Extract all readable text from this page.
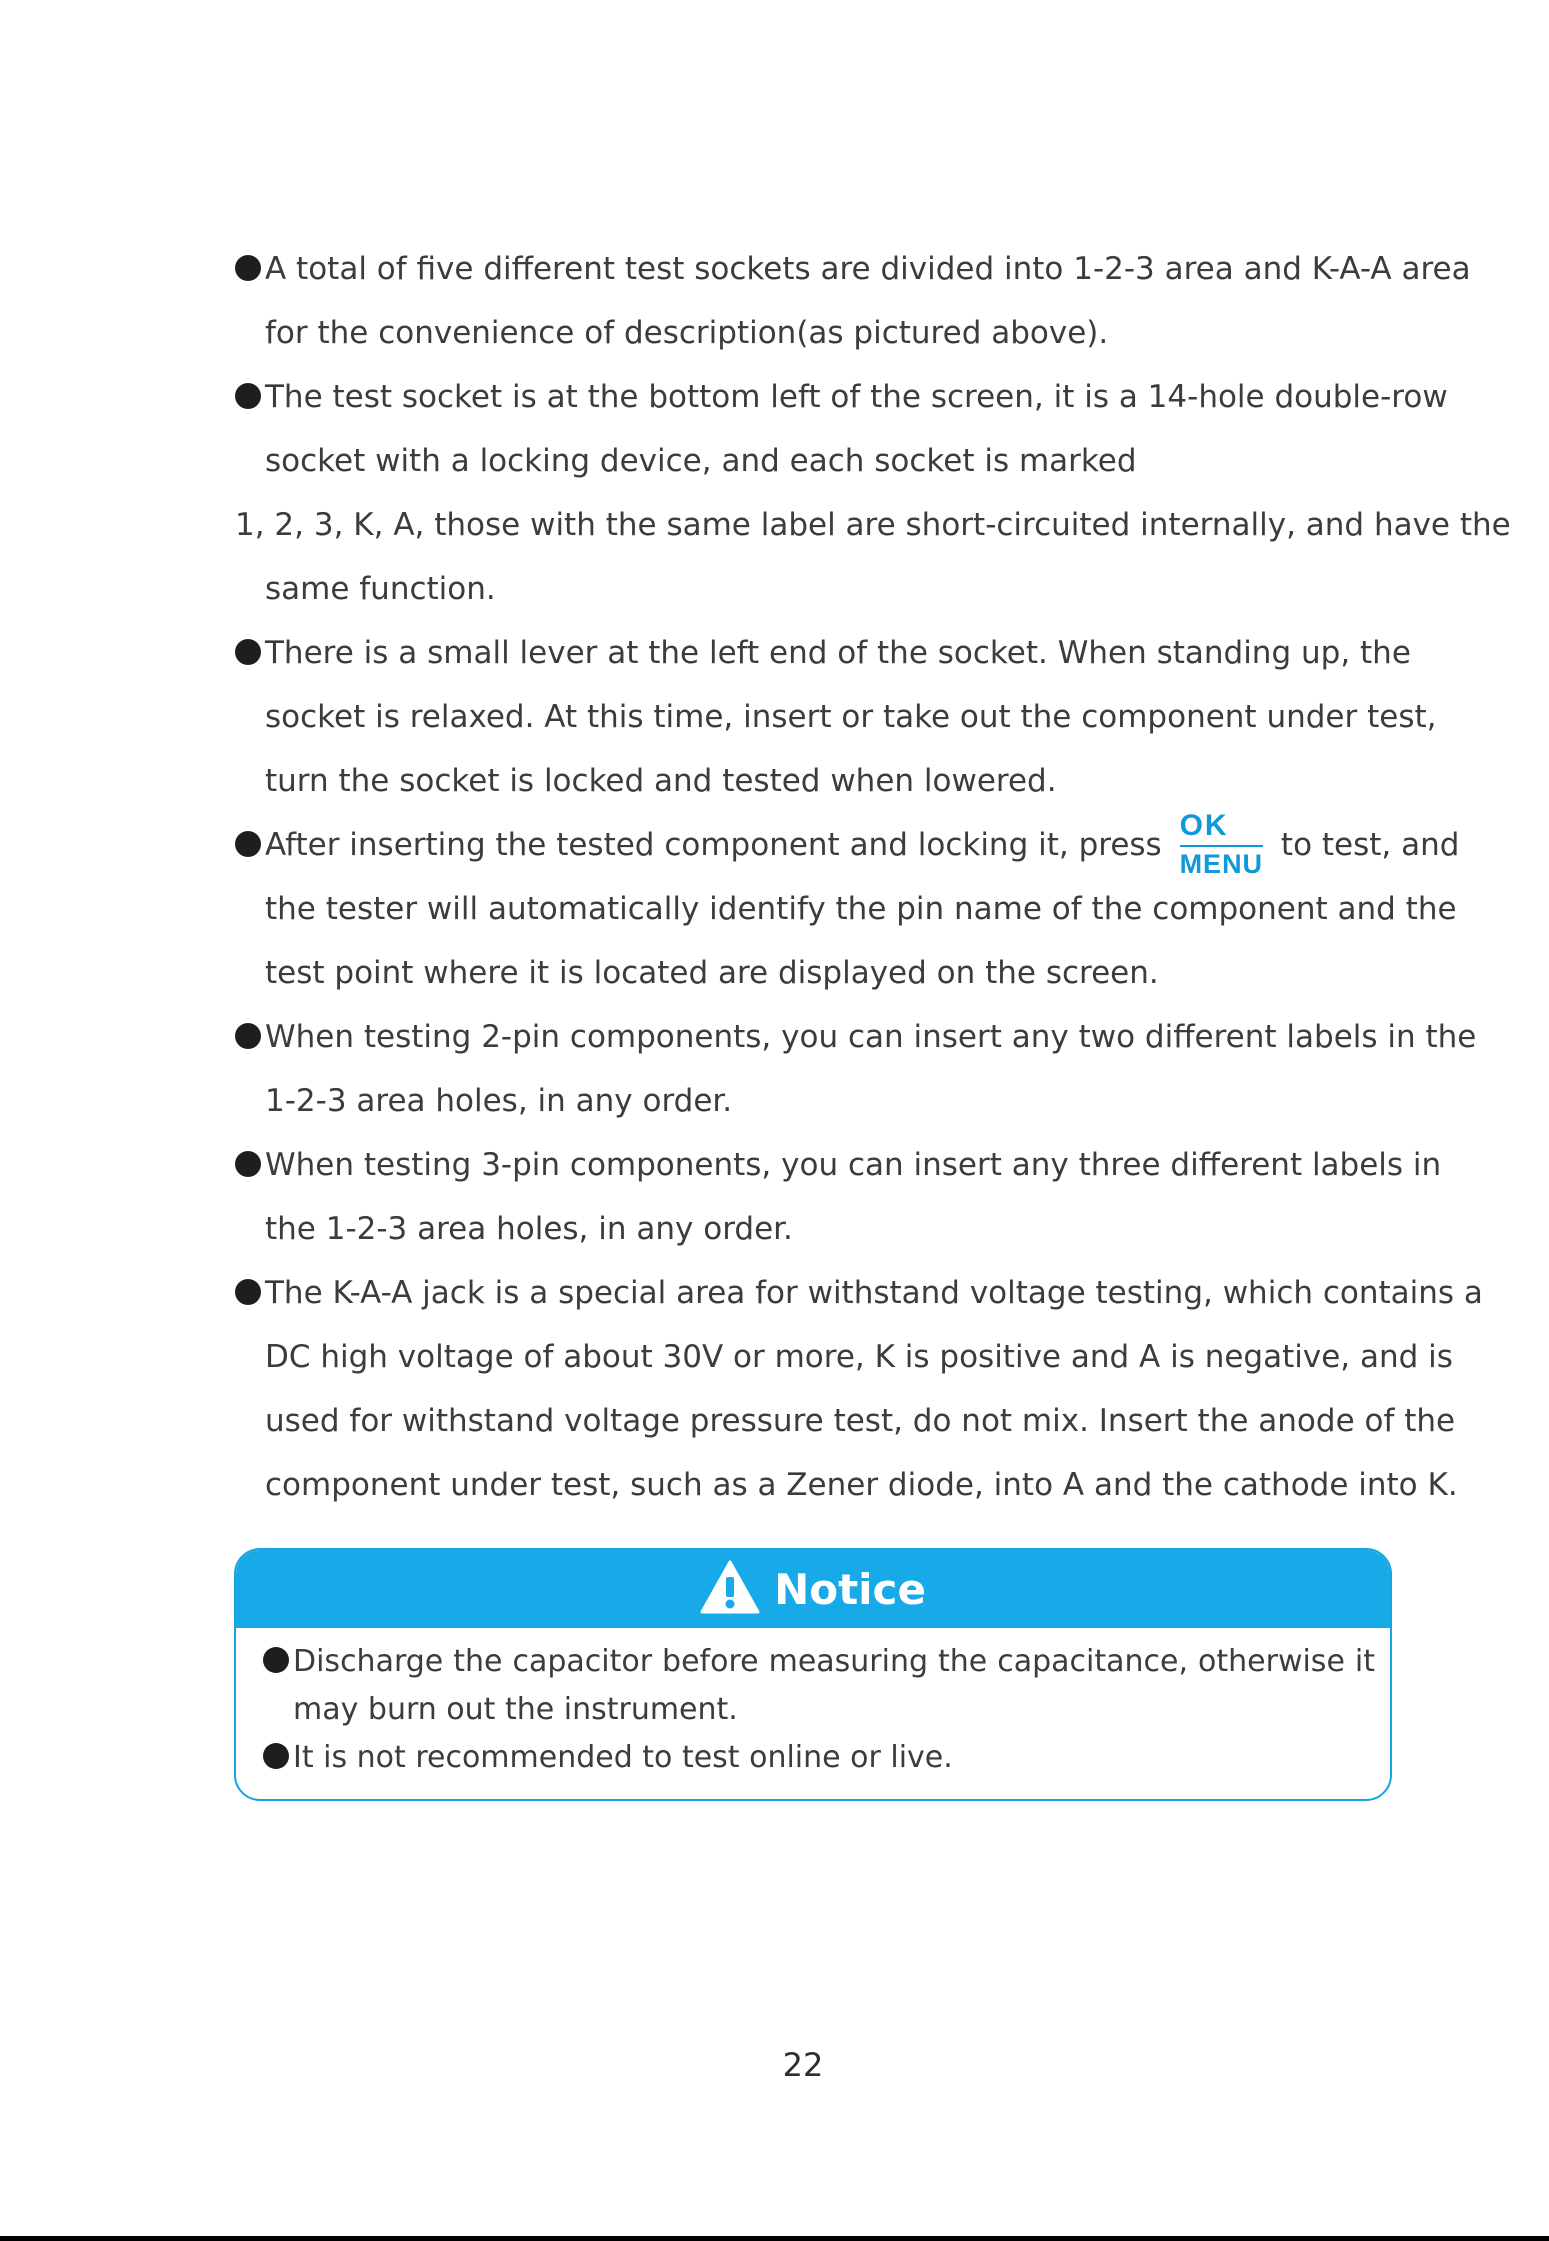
A total of five different test sockets are divided into 1-2-3 area and K-A-A area
for the convenience of description(as pictured above).
The test socket is at the bottom left of the screen, it is a 14-hole double-row
socket with a locking device, and each socket is marked
1, 2, 3, K, A, those with the same label are short-circuited internally, and have the
same function.
There is a small lever at the left end of the socket. When standing up, the
socket is relaxed. At this time, insert or take out the component under test,
turn the socket is locked and tested when lowered.
After inserting the tested component and locking it, press
OK
MENU
to test, and
the tester will automatically identify the pin name of the component and the
test point where it is located are displayed on the screen.
When testing 2-pin components, you can insert any two different labels in the
1-2-3 area holes, in any order.
When testing 3-pin components, you can insert any three different labels in
the 1-2-3 area holes, in any order.
The K-A-A jack is a special area for withstand voltage testing, which contains a
DC high voltage of about 30V or more, K is positive and A is negative, and is
used for withstand voltage pressure test, do not mix. Insert the anode of the
component under test, such as a Zener diode, into A and the cathode into K.
Notice
Discharge the capacitor before measuring the capacitance, otherwise it
may burn out the instrument.
It is not recommended to test online or live.
22
